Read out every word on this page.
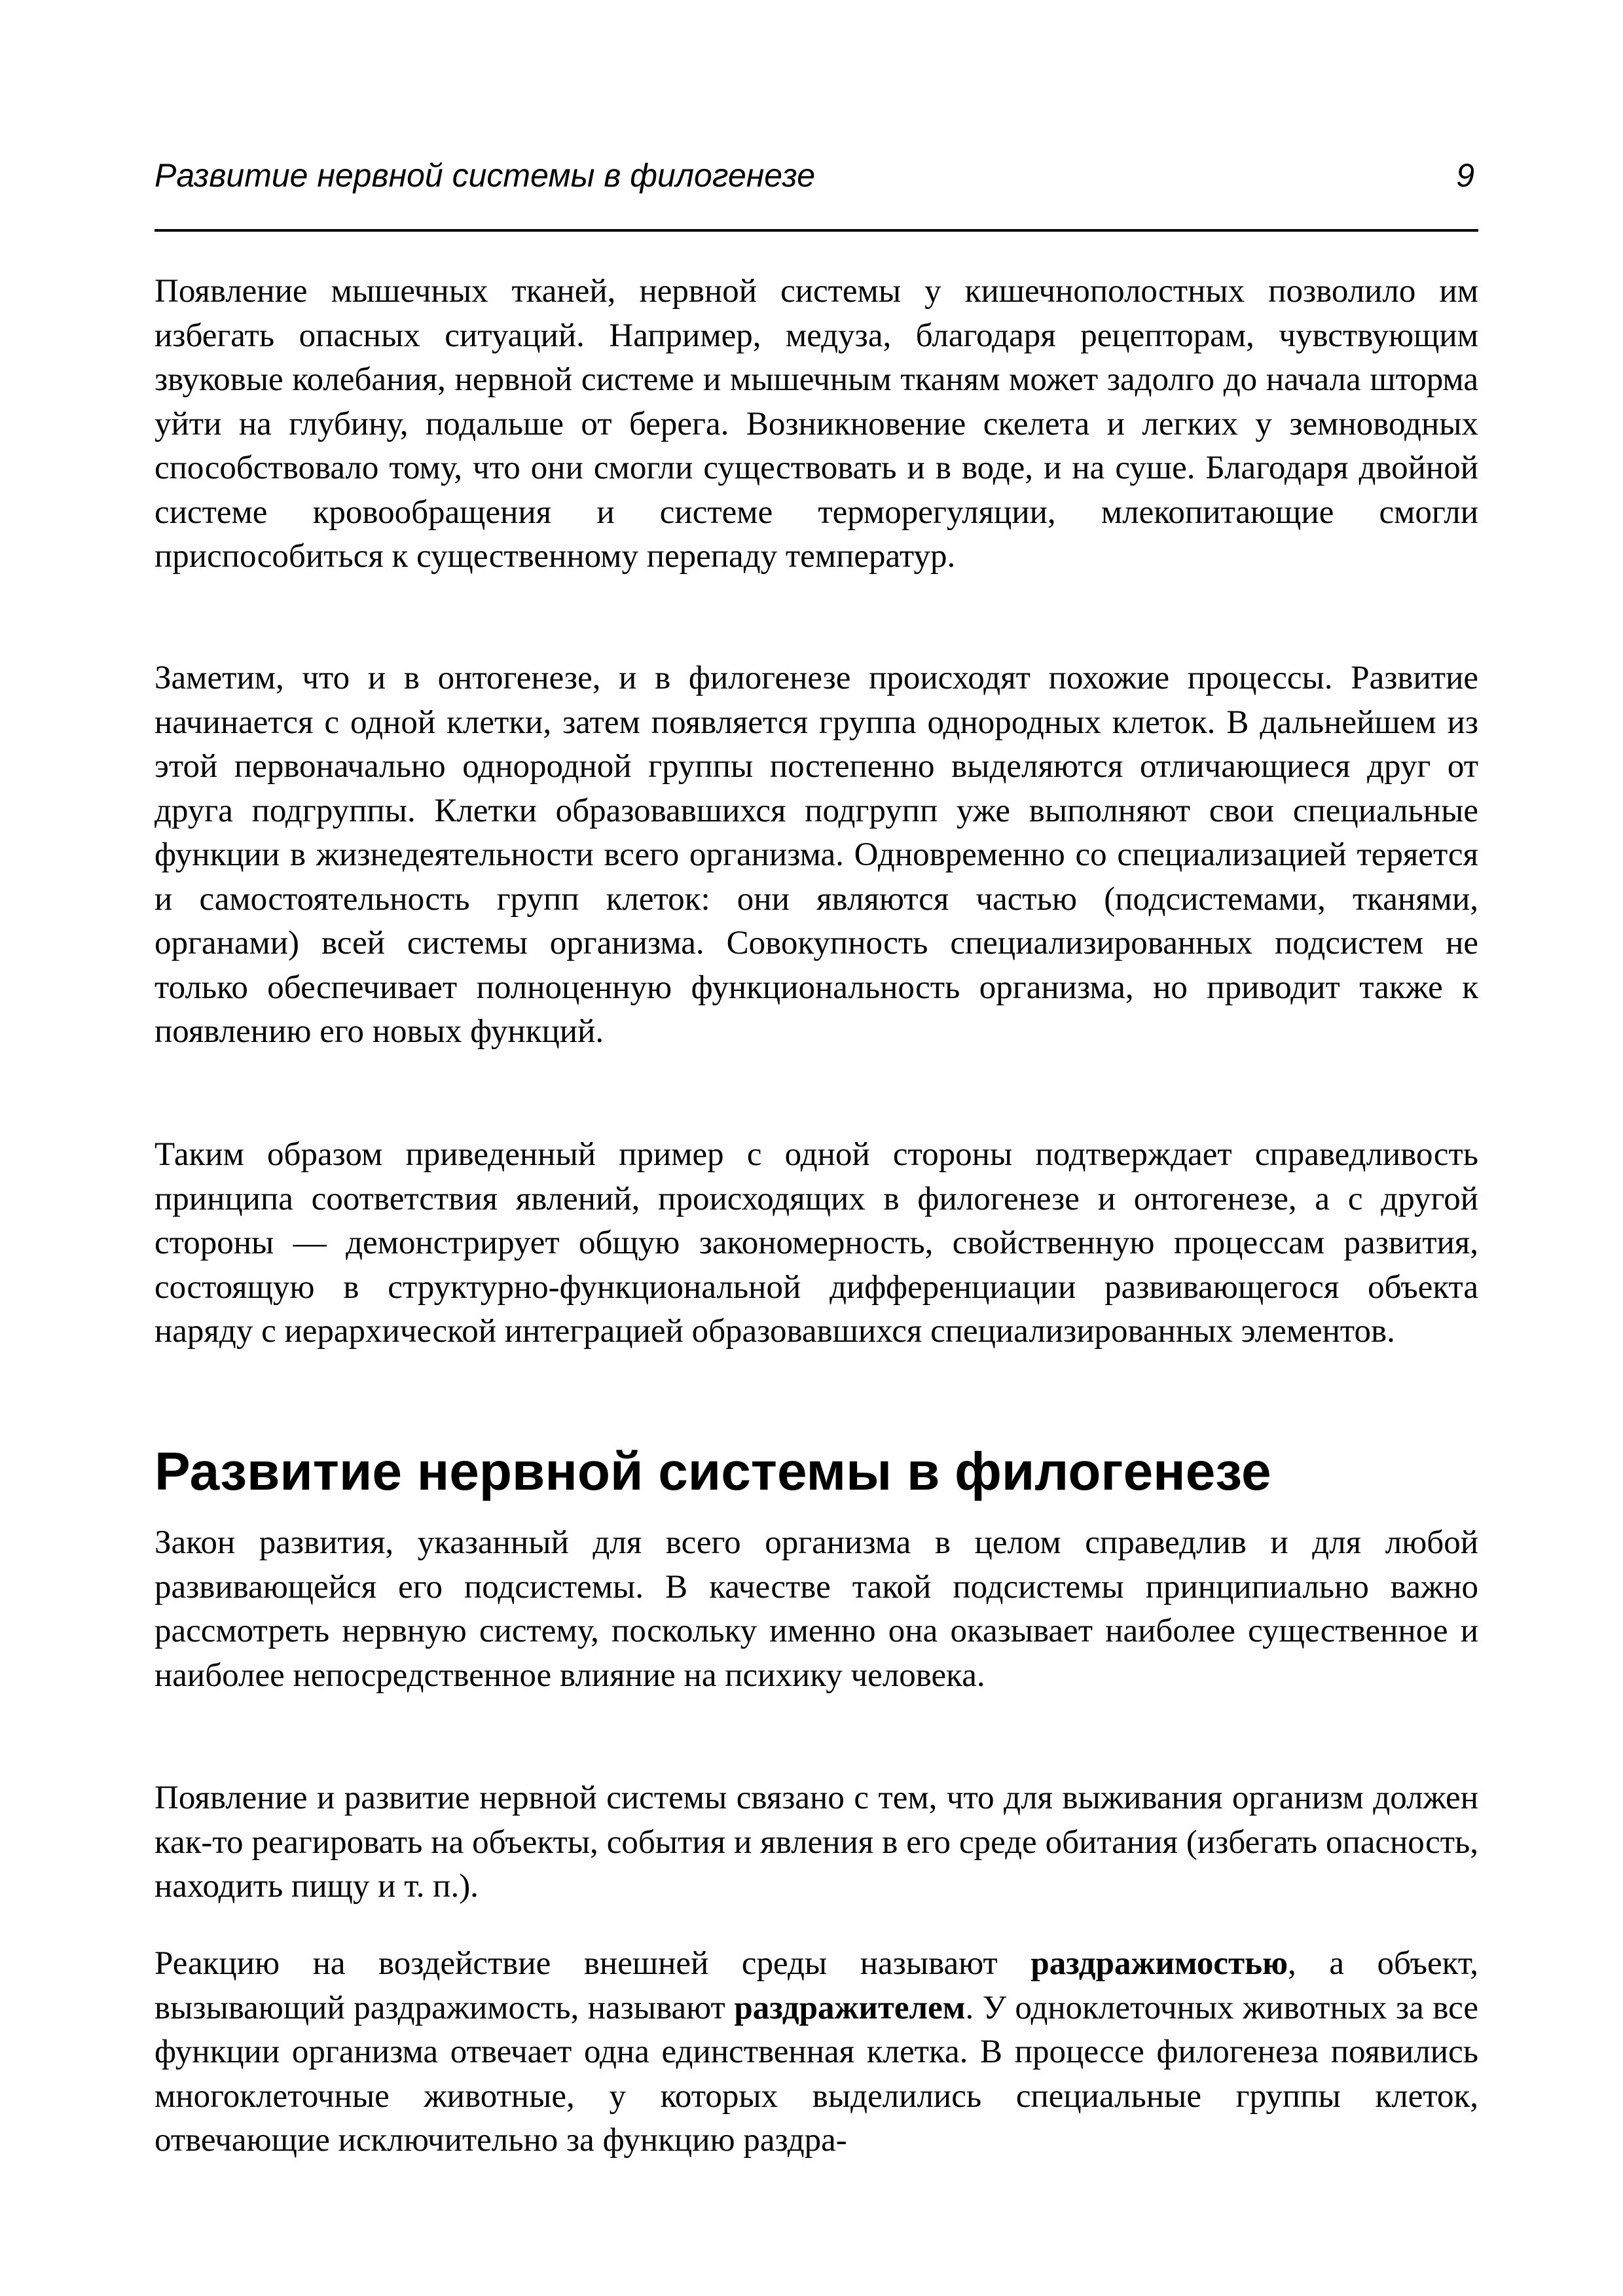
Развитие нервной системы в филогенезе	9

Появление мышечных тканей, нервной системы у кишечнополостных позволило им избегать опасных ситуаций. Например, медуза, благодаря рецепторам, чувствующим звуковые колебания, нервной системе и мышечным тканям может задолго до начала шторма уйти на глубину, подальше от берега. Возникновение скелета и легких у земноводных способствовало тому, что они смогли существовать и в воде, и на суше. Благодаря двойной системе кровообращения и системе терморегуляции, млекопитающие смогли приспособиться к существенному перепаду температур.

Заметим, что и в онтогенезе, и в филогенезе происходят похожие процессы. Развитие начинается с одной клетки, затем появляется группа однородных клеток. В дальнейшем из этой первоначально однородной группы постепенно выделяются отличающиеся друг от друга подгруппы. Клетки образовавшихся подгрупп уже выполняют свои специальные функции в жизнедеятельности всего организма. Одновременно со специализацией теряется и самостоятельность групп клеток: они являются частью (подсистемами, тканями, органами) всей системы организма. Совокупность специализированных подсистем не только обеспечивает полноценную функциональность организма, но приводит также к появлению его новых функций.

Таким образом приведенный пример с одной стороны подтверждает справедливость принципа соответствия явлений, происходящих в филогенезе и онтогенезе, а с другой стороны — демонстрирует общую закономерность, свойственную процессам развития, состоящую в структурно-функциональной дифференциации развивающегося объекта наряду с иерархической интеграцией образовавшихся специализированных элементов.

Развитие нервной системы в филогенезе

Закон развития, указанный для всего организма в целом справедлив и для любой развивающейся его подсистемы. В качестве такой подсистемы принципиально важно рассмотреть нервную систему, поскольку именно она оказывает наиболее существенное и наиболее непосредственное влияние на психику человека.

Появление и развитие нервной системы связано с тем, что для выживания организм должен как-то реагировать на объекты, события и явления в его среде обитания (избегать опасность, находить пищу и т. п.).

Реакцию на воздействие внешней среды называют раздражимостью, а объект, вызывающий раздражимость, называют раздражителем. У одноклеточных животных за все функции организма отвечает одна единственная клетка. В процессе филогенеза появились многоклеточные животные, у которых выделились специальные группы клеток, отвечающие исключительно за функцию раздра-
